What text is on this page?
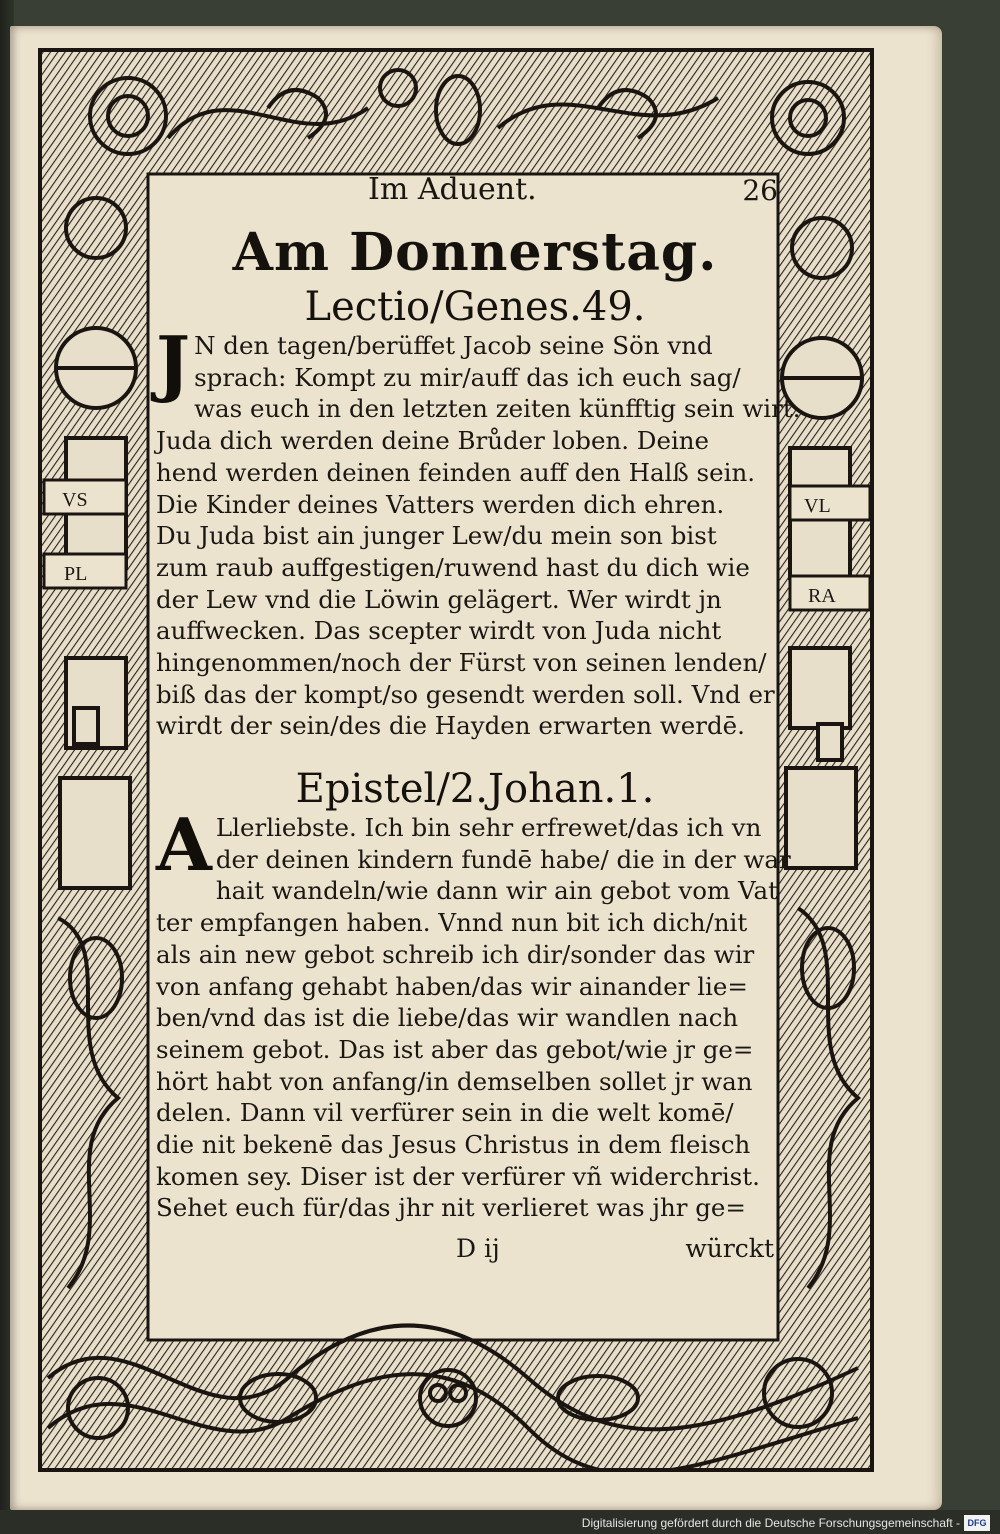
VS
PL
VL
RA
Im Aduent.	26
Am Donnerstag.
Lectio/Genes.49.
J N den tagen/berüffet Jacob seine Sön vnd
sprach: Kompt zu mir/auff das ich euch sag/
was euch in den letzten zeiten künfftig sein wirt.
Juda dich werden deine Brůder loben. Deine
hend werden deinen feinden auff den Halß sein.
Die Kinder deines Vatters werden dich ehren.
Du Juda bist ain junger Lew/du mein son bist
zum raub auffgestigen/ruwend hast du dich wie
der Lew vnd die Löwin gelägert. Wer wirdt jn
auffwecken. Das scepter wirdt von Juda nicht
hingenommen/noch der Fürst von seinen lenden/
biß das der kompt/so gesendt werden soll. Vnd er
wirdt der sein/des die Hayden erwarten werdē.
Epistel/2.Johan.1.
A Llerliebste. Ich bin sehr erfrewet/das ich vn
der deinen kindern fundē habe/ die in der war
hait wandeln/wie dann wir ain gebot vom Vat
ter empfangen haben. Vnnd nun bit ich dich/nit
als ain new gebot schreib ich dir/sonder das wir
von anfang gehabt haben/das wir ainander lie=
ben/vnd das ist die liebe/das wir wandlen nach
seinem gebot. Das ist aber das gebot/wie jr ge=
hört habt von anfang/in demselben sollet jr wan
delen. Dann vil verfürer sein in die welt komē/
die nit bekenē das Jesus Christus in dem fleisch
komen sey. Diser ist der verfürer vñ widerchrist.
Sehet euch für/das jhr nit verlieret was jhr ge=
D ij	würckt
Digitalisierung gefördert durch die Deutsche Forschungsgemeinschaft - DFG
